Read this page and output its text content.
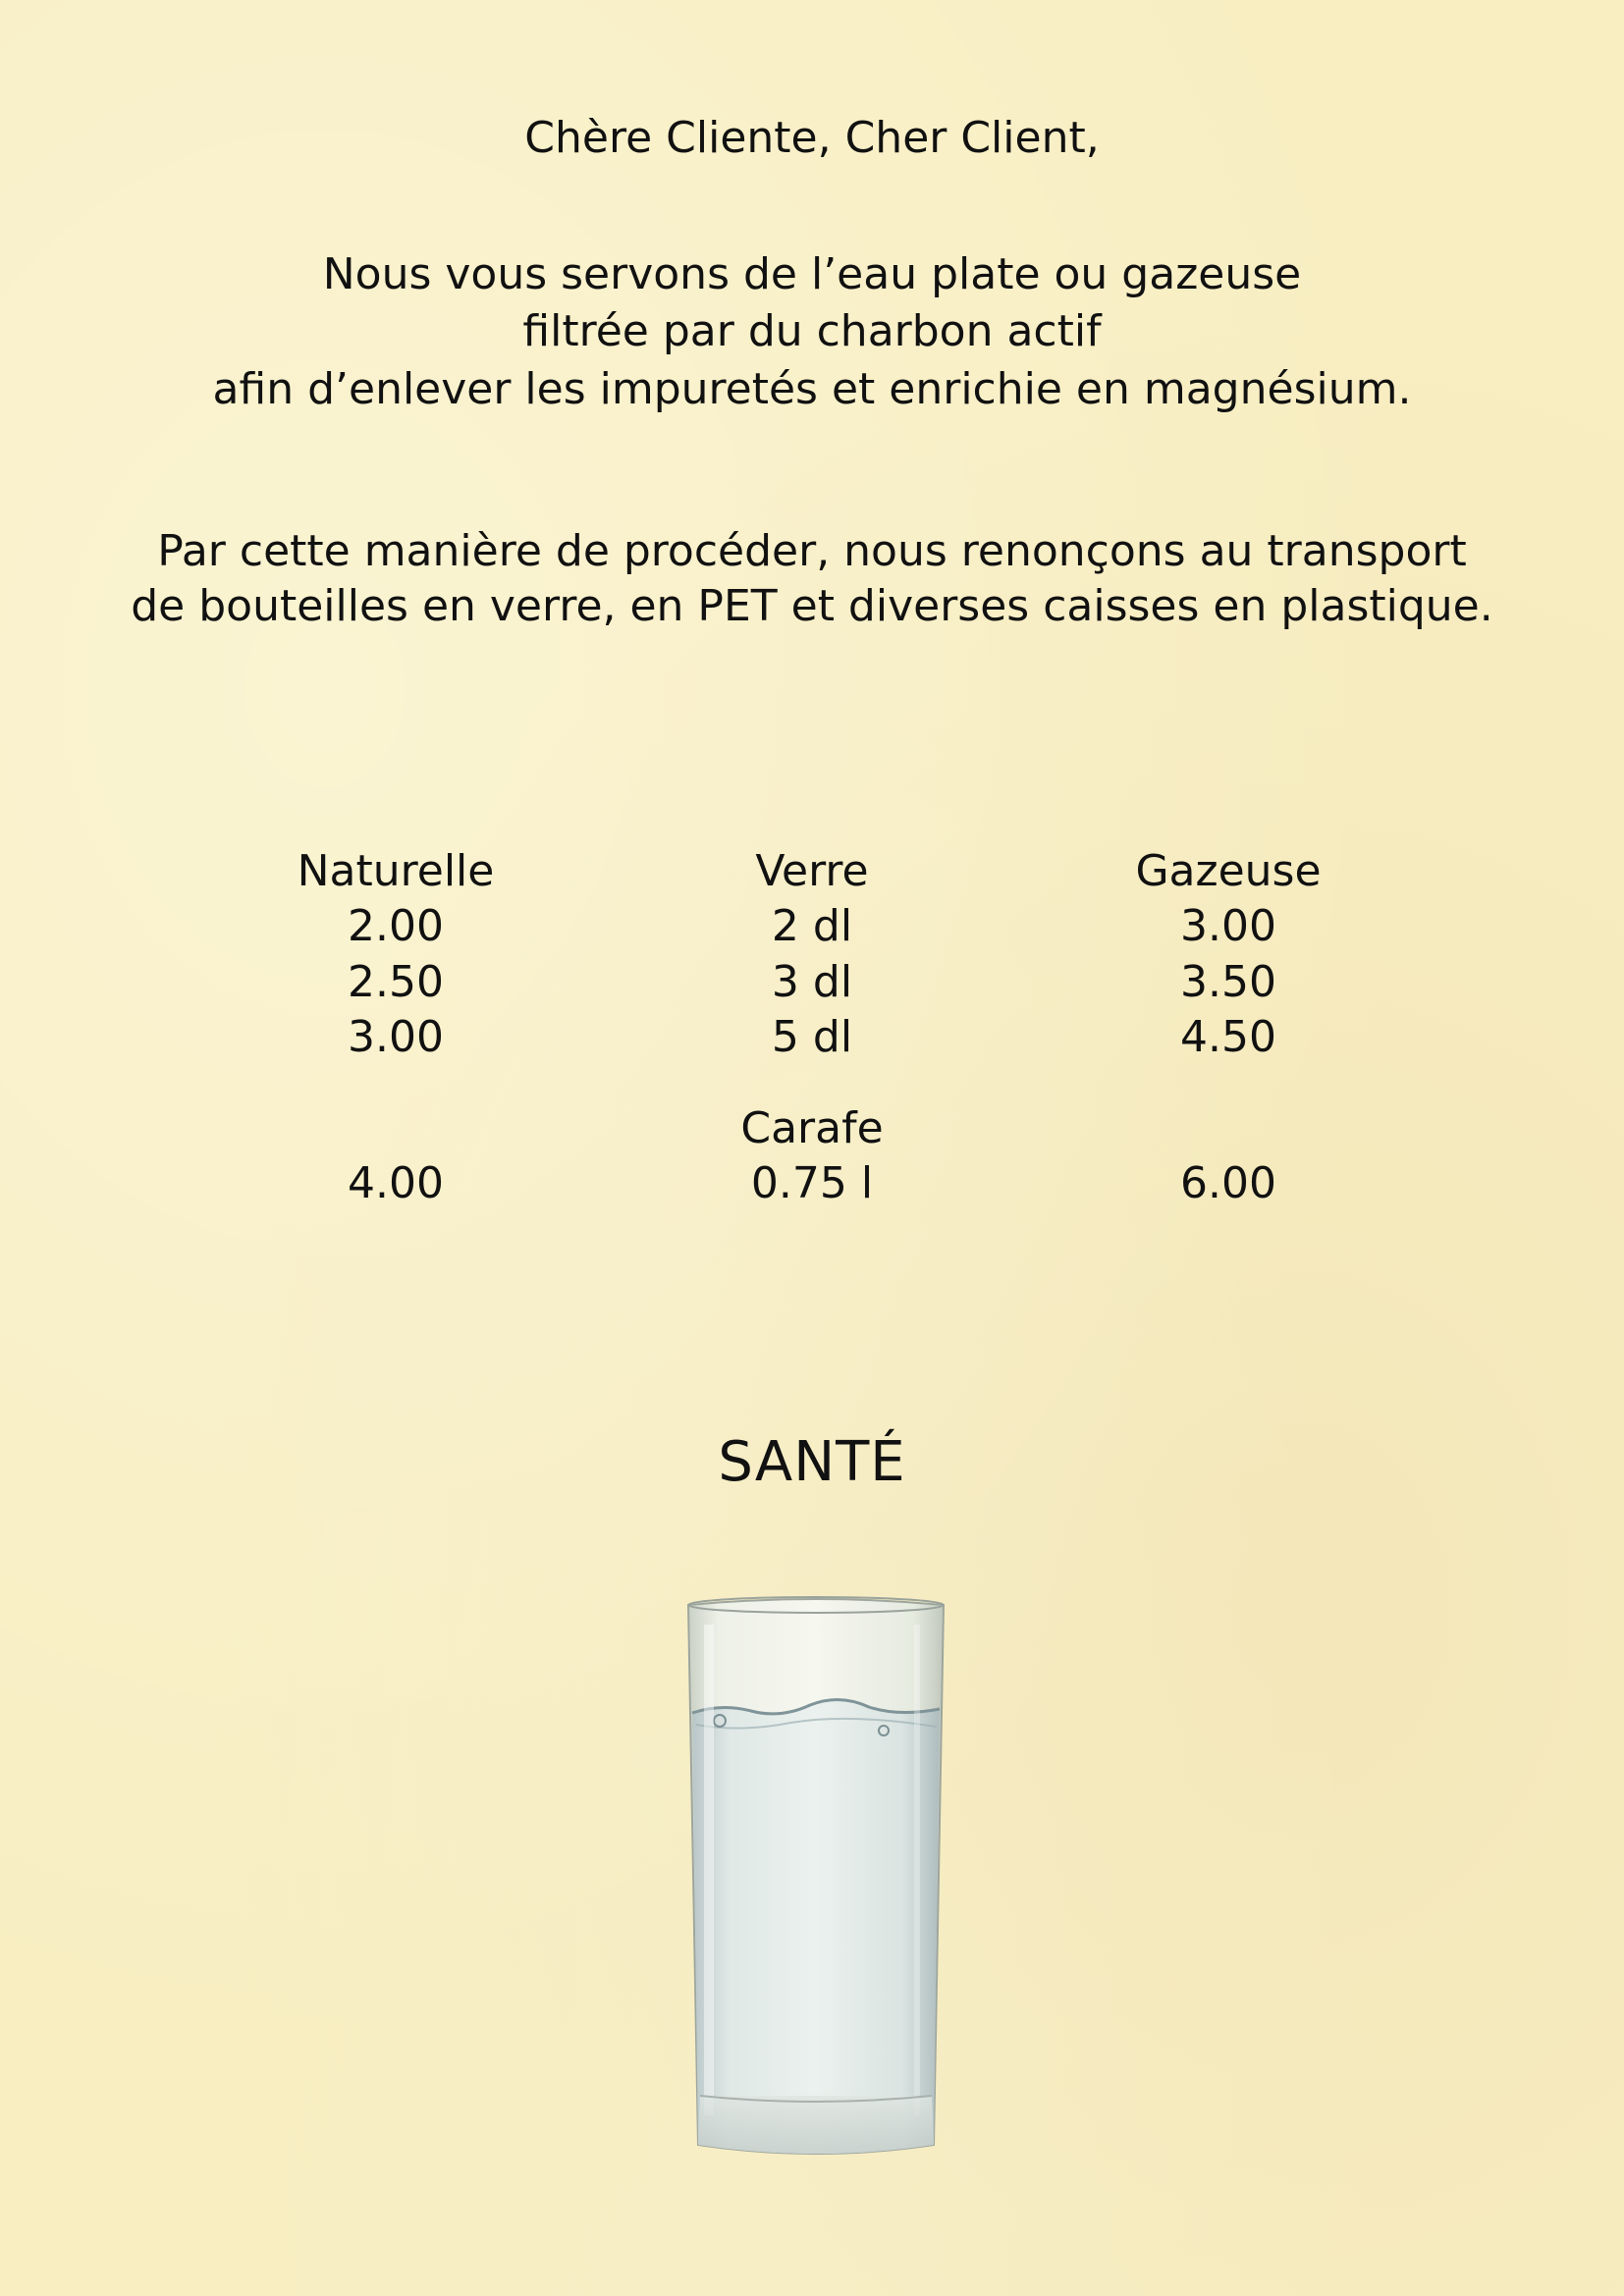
Chère Cliente, Cher Client,
Nous vous servons de l’eau plate ou gazeuse
filtrée par du charbon actif
afin d’enlever les impuretés et enrichie en magnésium.
Par cette manière de procéder, nous renonçons au transport
de bouteilles en verre, en PET et diverses caisses en plastique.
Naturelle	Verre	Gazeuse
2.00	2 dl	3.00
2.50	3 dl	3.50
3.00	5 dl	4.50
Carafe
4.00	0.75 l	6.00
SANTÉ
